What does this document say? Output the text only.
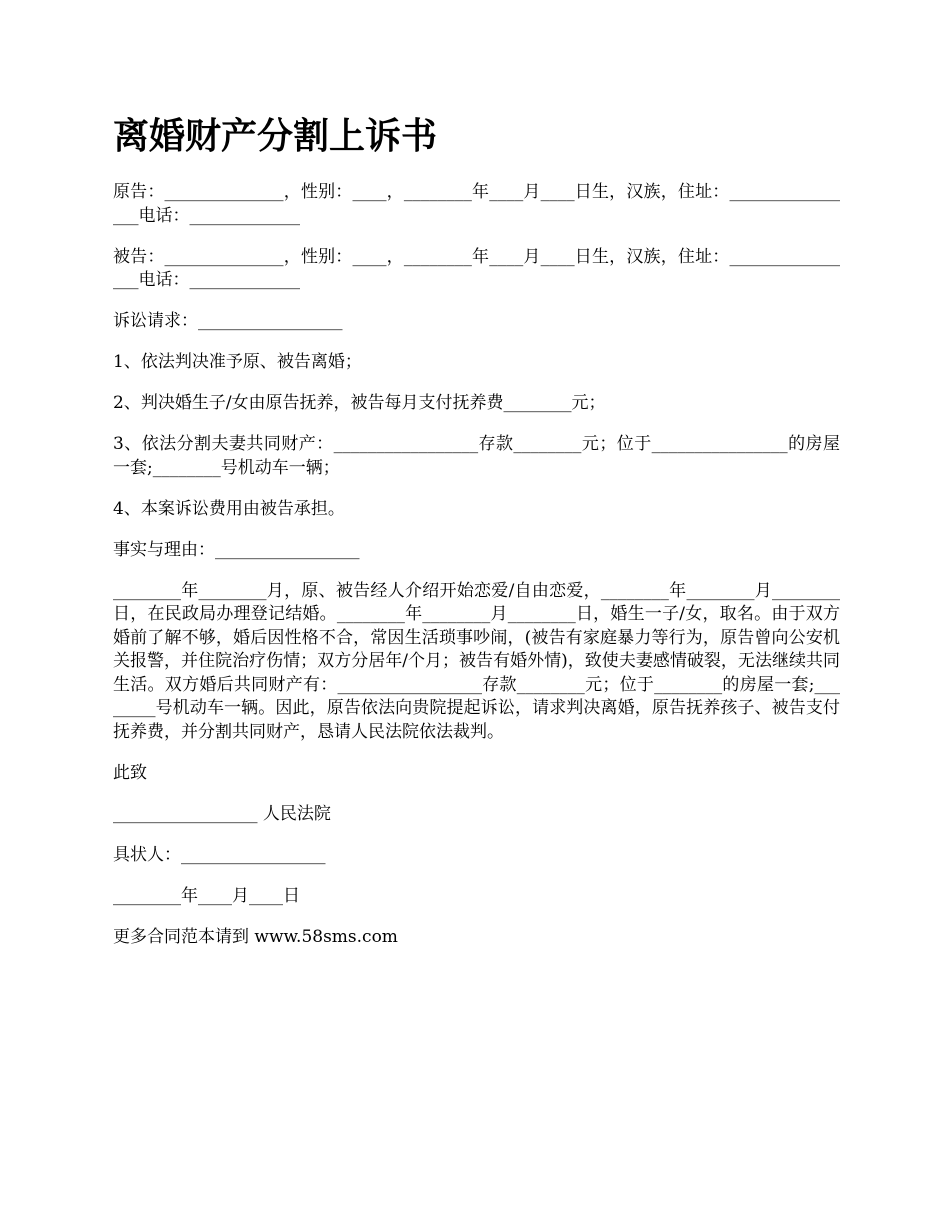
离婚财产分割上诉书

原告：______________，性别：____，________年____月____日生，汉族，住址：________________电话：_____________

被告：______________，性别：____，________年____月____日生，汉族，住址：________________电话：_____________

诉讼请求：_________________

1、依法判决准予原、被告离婚；

2、判决婚生子/女由原告抚养，被告每月支付抚养费________元；

3、依法分割夫妻共同财产：_________________存款________元；位于________________的房屋一套;________号机动车一辆；

4、本案诉讼费用由被告承担。

事实与理由：_________________

________年________月，原、被告经人介绍开始恋爱/自由恋爱，________年________月________日，在民政局办理登记结婚。________年________月________日，婚生一子/女，取名。由于双方婚前了解不够，婚后因性格不合，常因生活琐事吵闹，(被告有家庭暴力等行为，原告曾向公安机关报警，并住院治疗伤情；双方分居年/个月；被告有婚外情)，致使夫妻感情破裂，无法继续共同生活。双方婚后共同财产有：_________________存款________元；位于________的房屋一套;________号机动车一辆。因此，原告依法向贵院提起诉讼，请求判决离婚，原告抚养孩子、被告支付抚养费，并分割共同财产，恳请人民法院依法裁判。

此致

_________________ 人民法院

具状人：_________________

________年____月____日

更多合同范本请到 www.58sms.com
